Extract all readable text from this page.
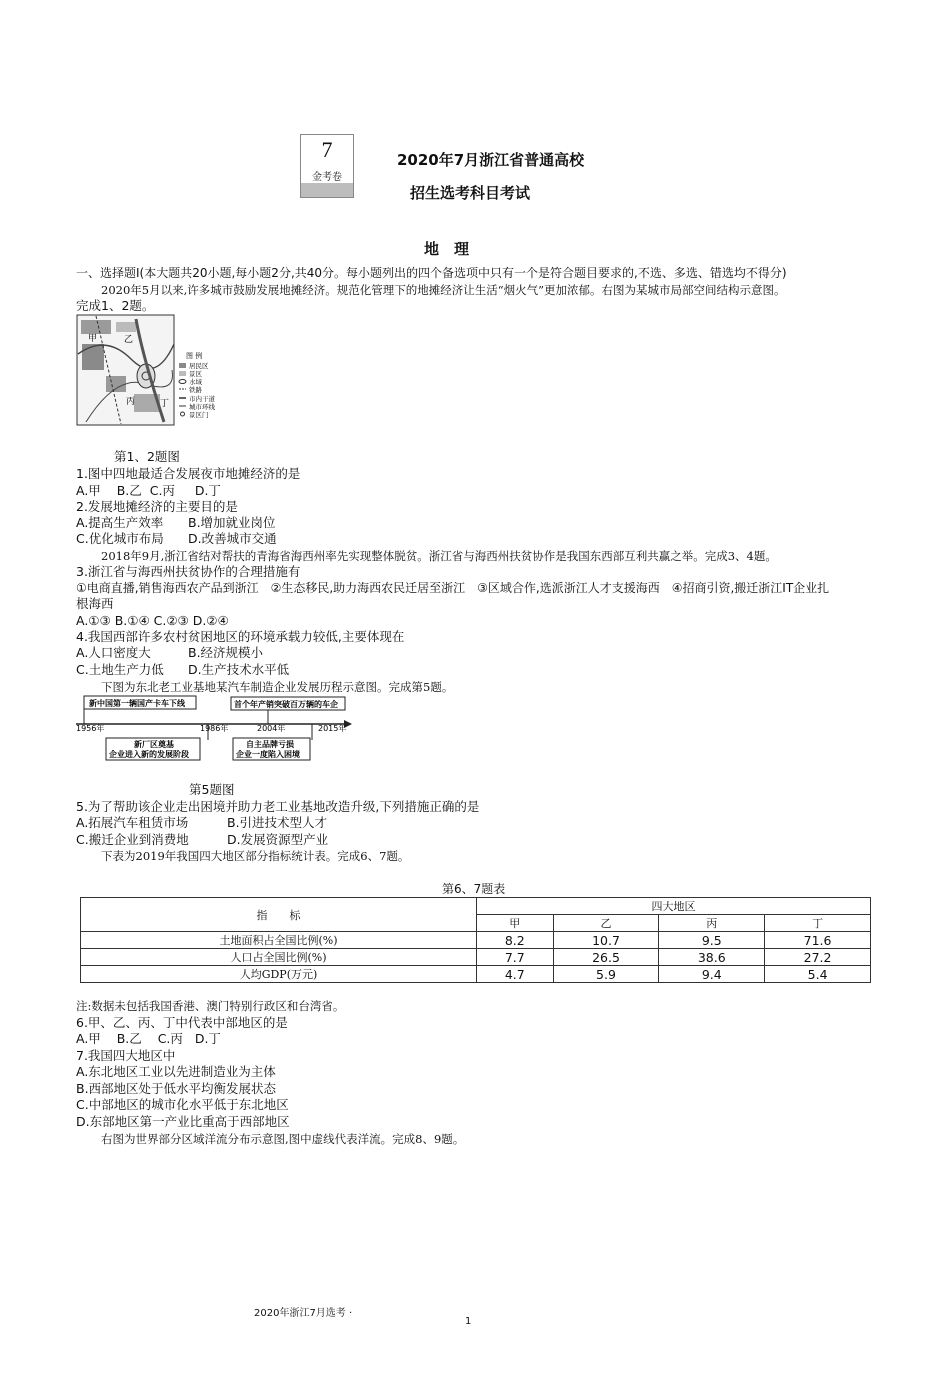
7
金考卷
2020年7月浙江省普通高校
招生选考科目考试
地　理
一、选择题Ⅰ(本大题共20小题,每小题2分,共40分。每小题列出的四个备选项中只有一个是符合题目要求的,不选、多选、错选均不得分)
2020年5月以来,许多城市鼓励发展地摊经济。规范化管理下的地摊经济让生活“烟火气”更加浓郁。右图为某城市局部空间结构示意图。
完成1、2题。
乙
甲
丙	丁
图 例
居民区
景区
水域
铁路
市内干道
城市环线
景区门
第1、2题图
1.图中四地最适合发展夜市地摊经济的是
A.甲 B.乙 C.丙 D.丁
2.发展地摊经济的主要目的是
A.提高生产效率 B.增加就业岗位
C.优化城市布局 D.改善城市交通
2018年9月,浙江省结对帮扶的青海省海西州率先实现整体脱贫。浙江省与海西州扶贫协作是我国东西部互利共赢之举。完成3、4题。
3.浙江省与海西州扶贫协作的合理措施有
①电商直播,销售海西农产品到浙江　②生态移民,助力海西农民迁居至浙江　③区域合作,选派浙江人才支援海西　④招商引资,搬迁浙江IT企业扎
根海西
A.①③ B.①④ C.②③ D.②④
4.我国西部许多农村贫困地区的环境承载力较低,主要体现在
A.人口密度大	B.经济规模小
C.土地生产力低 D.生产技术水平低
下图为东北老工业基地某汽车制造企业发展历程示意图。完成第5题。
新中国第一辆国产卡车下线	首个年产销突破百万辆的车企
1956年	1986年	2004年	2015年
新厂区奠基
企业进入新的发展阶段
自主品牌亏损
企业一度陷入困境
第5题图
5.为了帮助该企业走出困境并助力老工业基地改造升级,下列措施正确的是
A.拓展汽车租赁市场	B.引进技术型人才
C.搬迁企业到消费地	D.发展资源型产业
下表为2019年我国四大地区部分指标统计表。完成6、7题。
第6、7题表
指　　标	四大地区			
	甲	乙	丙	丁
土地面积占全国比例(%)	8.2	10.7	9.5	71.6
人口占全国比例(%)	7.7	26.5	38.6	27.2
人均GDP(万元)	4.7	5.9	9.4	5.4
注:数据未包括我国香港、澳门特别行政区和台湾省。
6.甲、乙、丙、丁中代表中部地区的是
A.甲 B.乙 C.丙 D.丁
7.我国四大地区中
A.东北地区工业以先进制造业为主体
B.西部地区处于低水平均衡发展状态
C.中部地区的城市化水平低于东北地区
D.东部地区第一产业比重高于西部地区
右图为世界部分区域洋流分布示意图,图中虚线代表洋流。完成8、9题。
2020年浙江7月选考 ·
1
